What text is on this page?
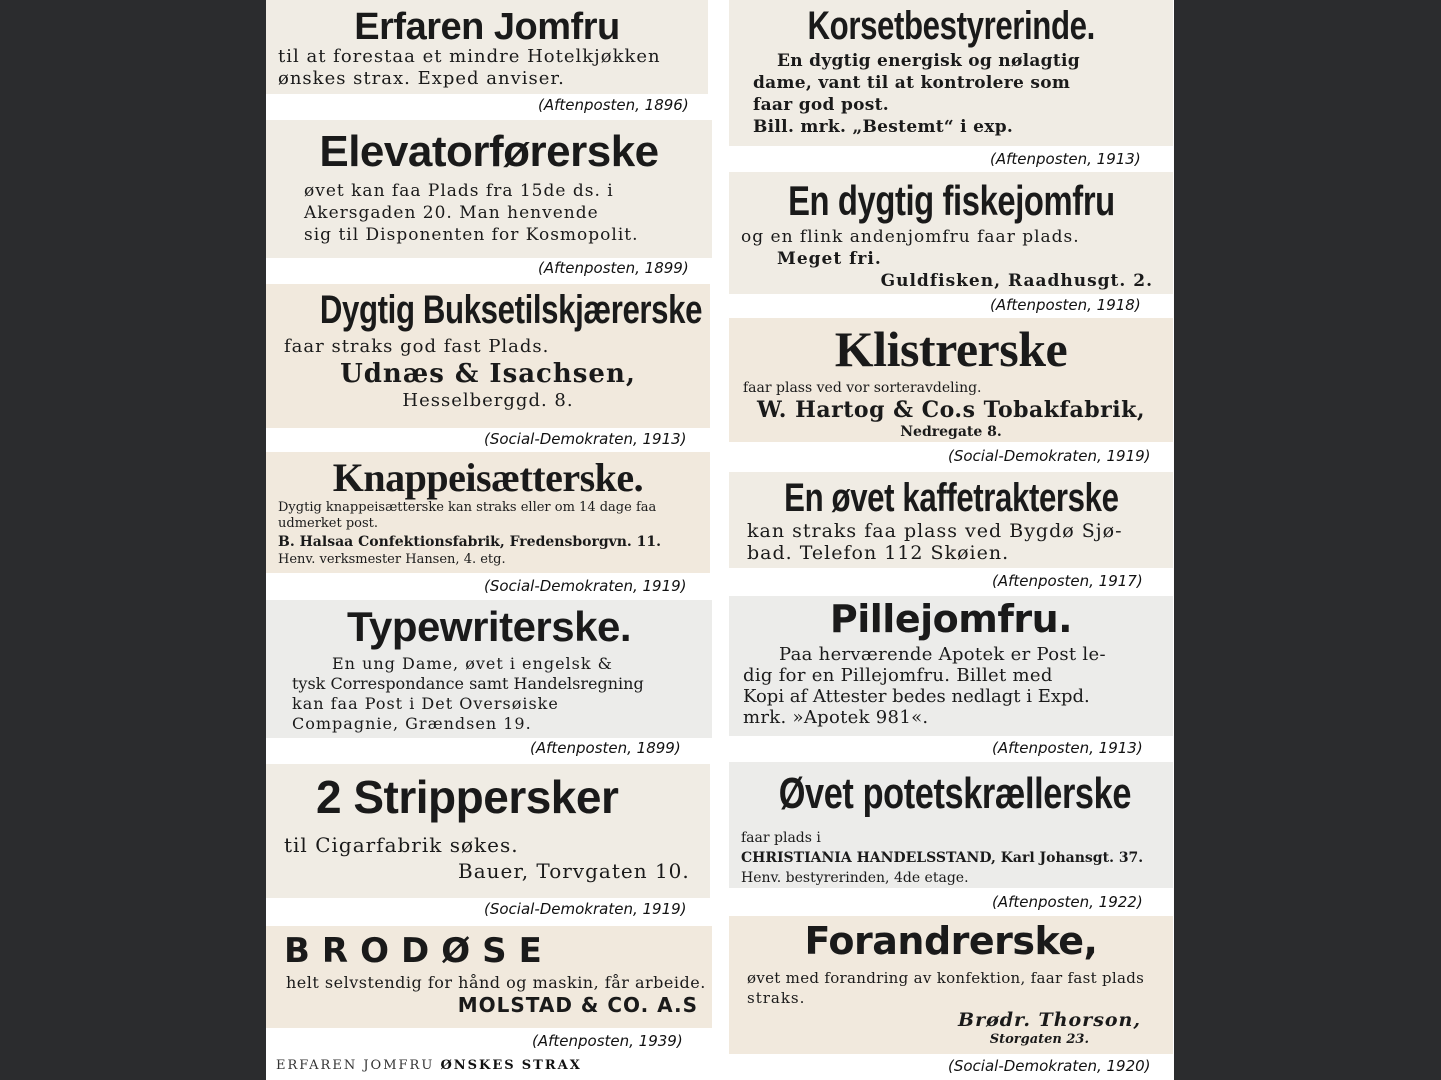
Erfaren Jomfru
til at forestaa et mindre Hotelkjøkken
ønskes strax. Exped anviser.
(Aftenposten, 1896)
Elevatorførerske
øvet kan faa Plads fra 15de ds. i
Akersgaden 20. Man henvende
sig til Disponenten for Kosmopolit.
(Aftenposten, 1899)
Dygtig Buksetilskjærerske
faar straks god fast Plads.
Udnæs & Isachsen,
Hesselberggd. 8.
(Social-Demokraten, 1913)
Knappeisætterske.
Dygtig knappeisætterske kan straks eller om 14 dage faa
udmerket post.
B. Halsaa Confektionsfabrik, Fredensborgvn. 11.
Henv. verksmester Hansen, 4. etg.
(Social-Demokraten, 1919)
Typewriterske.
En ung Dame, øvet i engelsk &
tysk Correspondance samt Handelsregning
kan faa Post i Det Oversøiske
Compagnie, Grændsen 19.
(Aftenposten, 1899)
2 Strippersker
til Cigarfabrik søkes.
Bauer, Torvgaten 10.
(Social-Demokraten, 1919)
BRODØSE
helt selvstendig for hånd og maskin, får arbeide.
MOLSTAD & CO. A.S
(Aftenposten, 1939)
ERFAREN JOMFRU ØNSKES STRAX
Korsetbestyrerinde.
En dygtig energisk og nølagtig
dame, vant til at kontrolere som
faar god post.
Bill. mrk. „Bestemt“ i exp.
(Aftenposten, 1913)
En dygtig fiskejomfru
og en flink andenjomfru faar plads.
Meget fri.
Guldfisken, Raadhusgt. 2.
(Aftenposten, 1918)
Klistrerske
faar plass ved vor sorteravdeling.
W. Hartog & Co.s Tobakfabrik,
Nedregate 8.
(Social-Demokraten, 1919)
En øvet kaffetrakterske
kan straks faa plass ved Bygdø Sjø-
bad. Telefon 112 Skøien.
(Aftenposten, 1917)
Pillejomfru.
Paa herværende Apotek er Post le-
dig for en Pillejomfru. Billet med
Kopi af Attester bedes nedlagt i Expd.
mrk. »Apotek 981«.
(Aftenposten, 1913)
Øvet potetskrællerske
faar plads i
CHRISTIANIA HANDELSSTAND, Karl Johansgt. 37.
Henv. bestyrerinden, 4de etage.
(Aftenposten, 1922)
Forandrerske,
øvet med forandring av konfektion, faar fast plads
straks.
Brødr. Thorson,
Storgaten 23.
(Social-Demokraten, 1920)
